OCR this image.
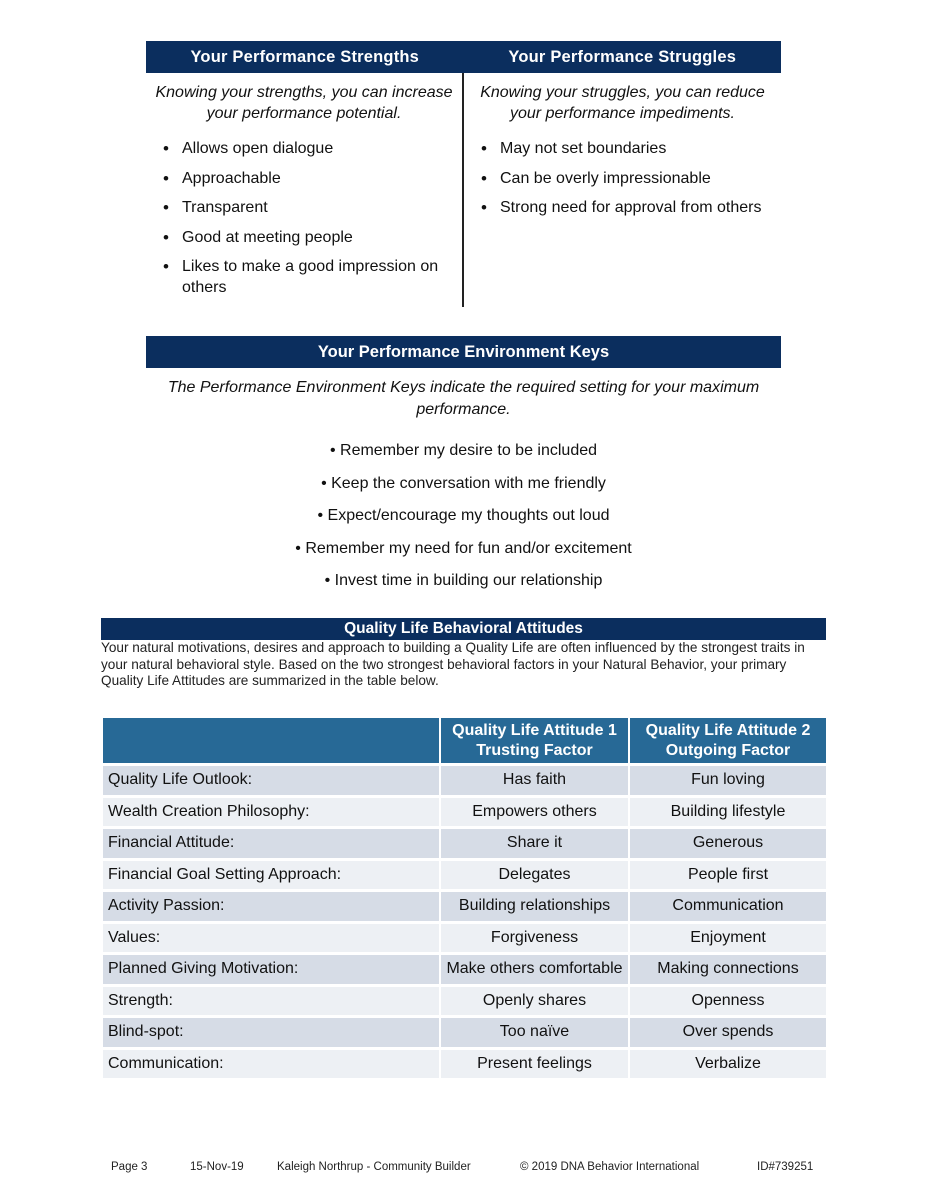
Your Performance Strengths	Your Performance Struggles

Knowing your strengths, you can increase your performance potential.

• Allows open dialogue
• Approachable
• Transparent
• Good at meeting people
• Likes to make a good impression on others

Knowing your struggles, you can reduce your performance impediments.

• May not set boundaries
• Can be overly impressionable
• Strong need for approval from others
Your Performance Environment Keys

The Performance Environment Keys indicate the required setting for your maximum performance.

• Remember my desire to be included
• Keep the conversation with me friendly
• Expect/encourage my thoughts out loud
• Remember my need for fun and/or excitement
• Invest time in building our relationship
Quality Life Behavioral Attitudes

Your natural motivations, desires and approach to building a Quality Life are often influenced by the strongest traits in your natural behavioral style. Based on the two strongest behavioral factors in your Natural Behavior, your primary Quality Life Attitudes are summarized in the table below.

	Quality Life Attitude 1 Trusting Factor	Quality Life Attitude 2 Outgoing Factor
Quality Life Outlook:	Has faith	Fun loving
Wealth Creation Philosophy:	Empowers others	Building lifestyle
Financial Attitude:	Share it	Generous
Financial Goal Setting Approach:	Delegates	People first
Activity Passion:	Building relationships	Communication
Values:	Forgiveness	Enjoyment
Planned Giving Motivation:	Make others comfortable	Making connections
Strength:	Openly shares	Openness
Blind-spot:	Too naïve	Over spends
Communication:	Present feelings	Verbalize
Page 3	15-Nov-19	Kaleigh Northrup - Community Builder	© 2019 DNA Behavior International	ID#739251
